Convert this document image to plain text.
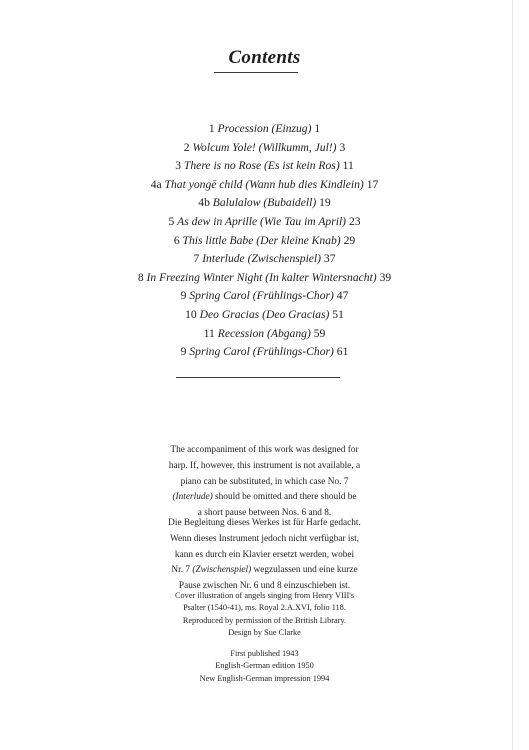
Contents
1 Procession (Einzug) 1
2 Wolcum Yole! (Willkumm, Jul!) 3
3 There is no Rose (Es ist kein Ros) 11
4a That yongē child (Wann hub dies Kindlein) 17
4b Balulalow (Bubaidell) 19
5 As dew in Aprille (Wie Tau im April) 23
6 This little Babe (Der kleine Knab) 29
7 Interlude (Zwischenspiel) 37
8 In Freezing Winter Night (In kalter Wintersnacht) 39
9 Spring Carol (Frühlings-Chor) 47
10 Deo Gracias (Deo Gracias) 51
11 Recession (Abgang) 59
9 Spring Carol (Frühlings-Chor) 61
The accompaniment of this work was designed for
harp. If, however, this instrument is not available, a
piano can be substituted, in which case No. 7
(Interlude) should be omitted and there should be
a short pause between Nos. 6 and 8.
Die Begleitung dieses Werkes ist für Harfe gedacht.
Wenn dieses Instrument jedoch nicht verfügbar ist,
kann es durch ein Klavier ersetzt werden, wobei
Nr. 7 (Zwischenspiel) wegzulassen und eine kurze
Pause zwischen Nr. 6 und 8 einzuschieben ist.
Cover illustration of angels singing from Henry VIII's
Psalter (1540-41), ms. Royal 2.A.XVI, folio 118.
Reproduced by permission of the British Library.
Design by Sue Clarke
First published 1943
English-German edition 1950
New English-German impression 1994
